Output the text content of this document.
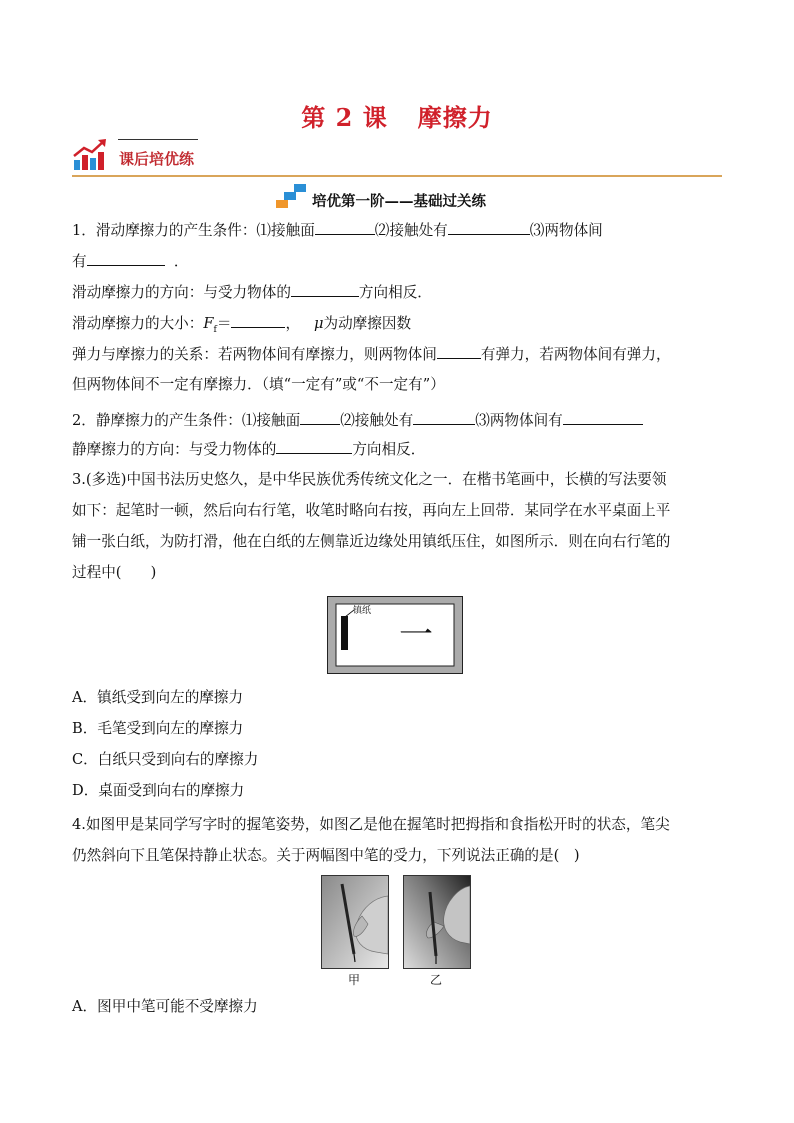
第 2 课 摩擦力
课后培优练
培优第一阶——基础过关练
1．滑动摩擦力的产生条件：⑴接触面	⑵接触处有	⑶两物体间
有	．
滑动摩擦力的方向：与受力物体的	方向相反．
滑动摩擦力的大小：$F_f=$	， μ为动摩擦因数
弹力与摩擦力的关系：若两物体间有摩擦力，则两物体间	有弹力，若两物体间有弹力，
但两物体间不一定有摩擦力．（填“一定有”或“不一定有”）
2．静摩擦力的产生条件：⑴接触面	⑵接触处有	⑶两物体间有
静摩擦力的方向：与受力物体的	方向相反．
3.(多选)中国书法历史悠久，是中华民族优秀传统文化之一．在楷书笔画中，长横的写法要领
如下：起笔时一顿，然后向右行笔，收笔时略向右按，再向左上回带．某同学在水平桌面上平
铺一张白纸，为防打滑，他在白纸的左侧靠近边缘处用镇纸压住，如图所示．则在向右行笔的
过程中(　　)
镇纸
一
A．镇纸受到向左的摩擦力
B．毛笔受到向左的摩擦力
C．白纸只受到向右的摩擦力
D．桌面受到向右的摩擦力
4.如图甲是某同学写字时的握笔姿势，如图乙是他在握笔时把拇指和食指松开时的状态，笔尖
仍然斜向下且笔保持静止状态。关于两幅图中笔的受力，下列说法正确的是(　)
甲	乙
A．图甲中笔可能不受摩擦力
